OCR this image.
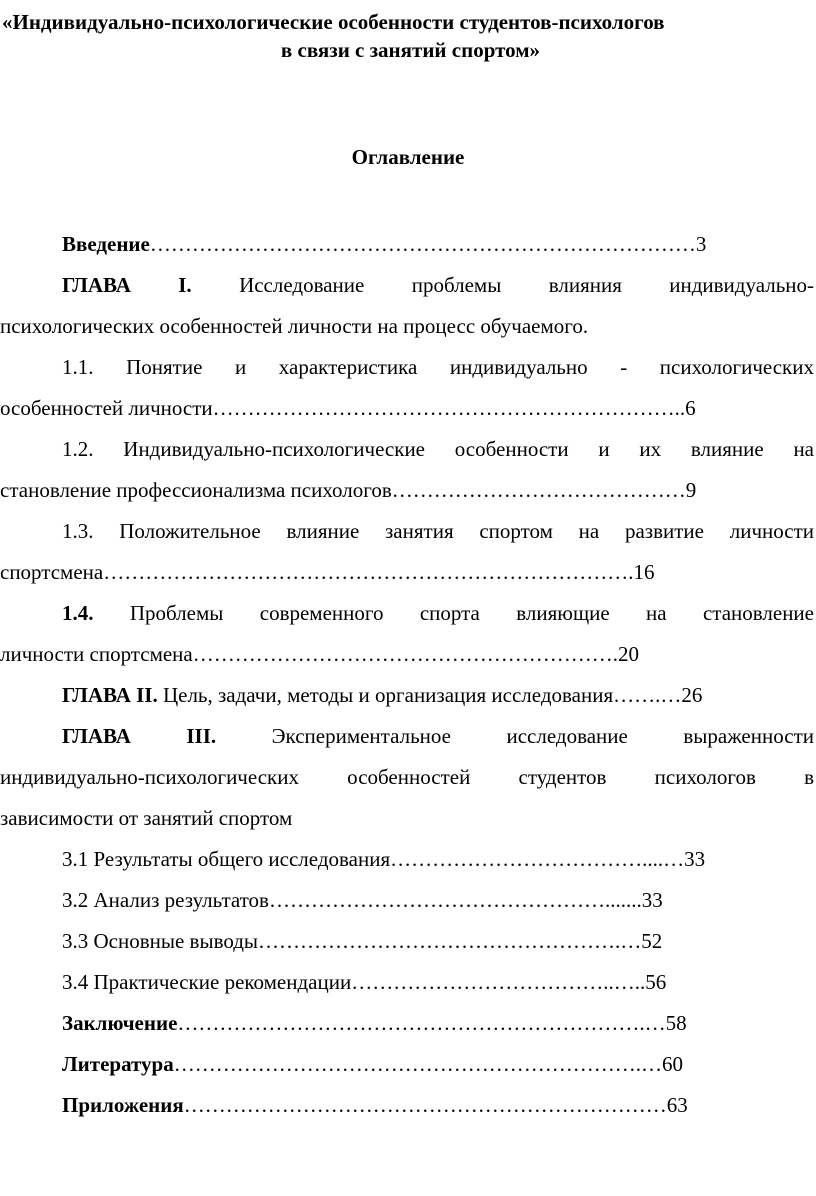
«Индивидуально-психологические особенности студентов-психологов
в связи с занятий спортом»
Оглавление
Введение……………………………………………………………………3
ГЛАВА I. Исследование проблемы влияния индивидуально-
психологических особенностей личности на процесс обучаемого.
1.1. Понятие и характеристика индивидуально - психологических
особенностей личности…………………………………………………………..6
1.2. Индивидуально-психологические особенности и их влияние на
становление профессионализма психологов……………………………………9
1.3. Положительное влияние занятия спортом на развитие личности
спортсмена………………………………………………………………….16
1.4. Проблемы современного спорта влияющие на становление
личности спортсмена…………………………………………………….20
ГЛАВА II. Цель, задачи, методы и организация исследования…….…26
ГЛАВА III.	Экспериментальное исследование выраженности
индивидуально-психологических особенностей студентов психологов в
зависимости от занятий спортом
3.1 Результаты общего исследования………………………………....…33
3.2 Анализ результатов………………………………………….......33
3.3 Основные выводы…………………………………………….…52
3.4 Практические рекомендации………………………………..…..56
Заключение………………………………………………………….…58
Литература………………………………………………………….…60
Приложения……………………………………………………………63
